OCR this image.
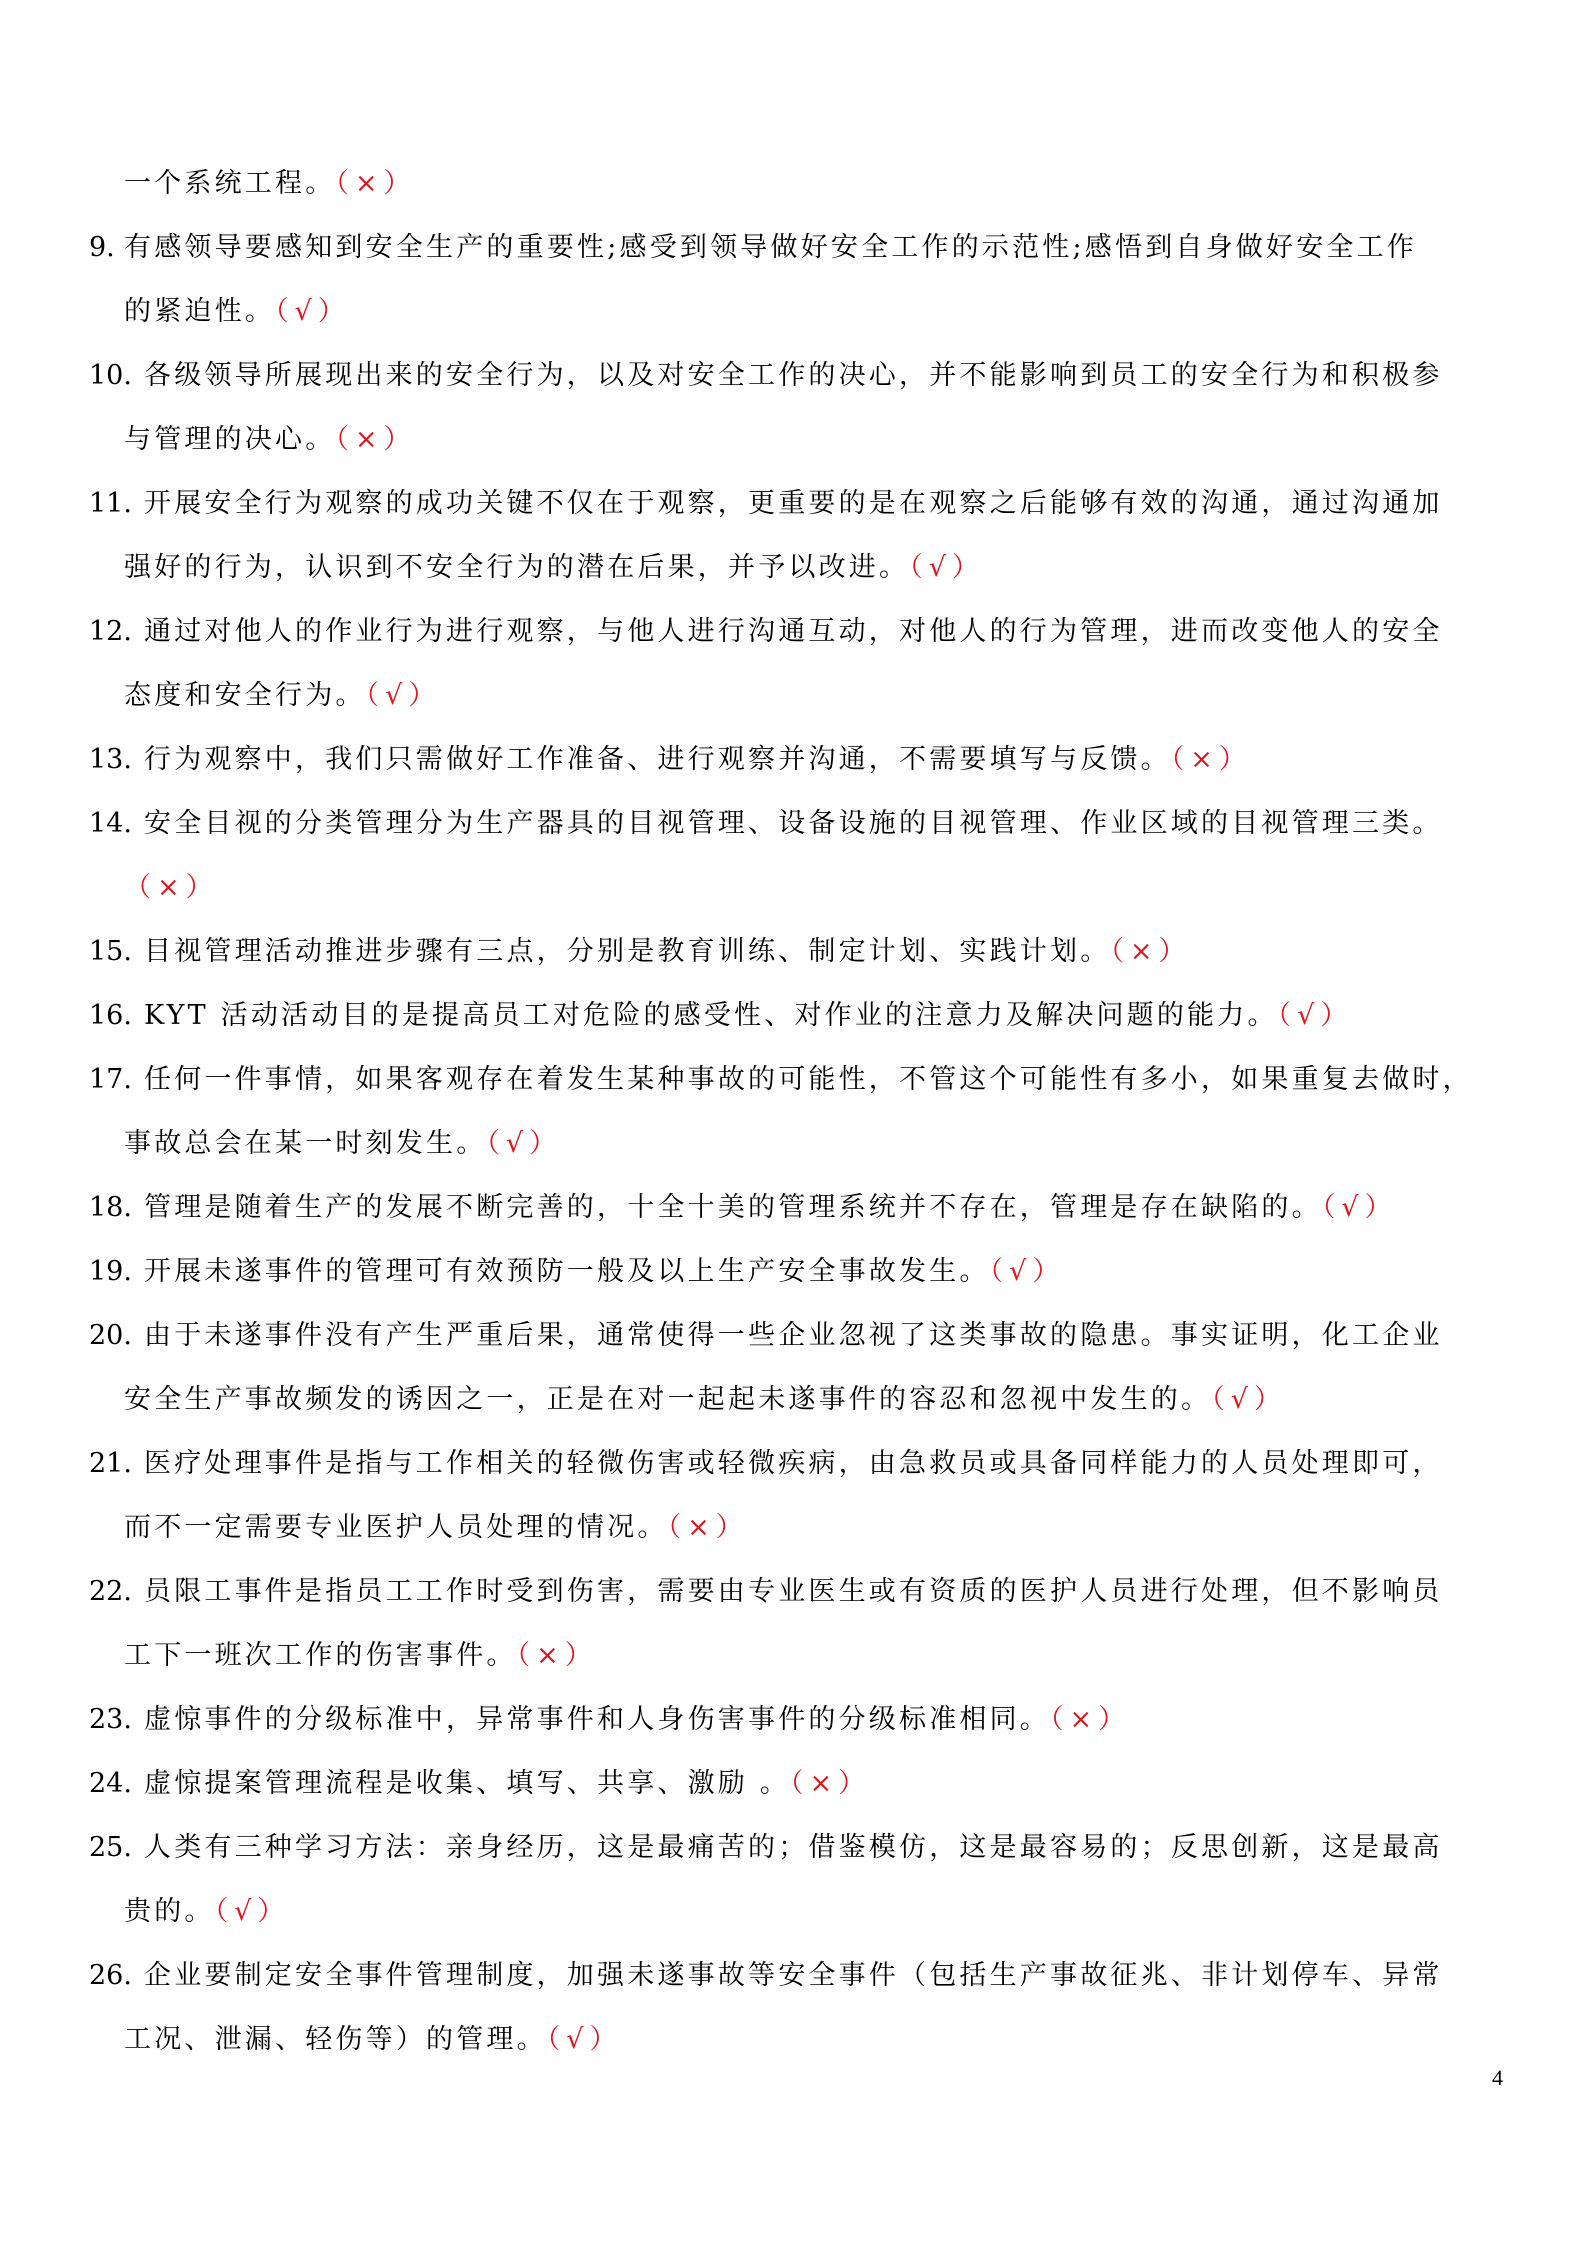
一个系统工程。（×）
9. 有感领导要感知到安全生产的重要性;感受到领导做好安全工作的示范性;感悟到自身做好安全工作
的紧迫性。（√）
10. 各级领导所展现出来的安全行为，以及对安全工作的决心，并不能影响到员工的安全行为和积极参
与管理的决心。（×）
11. 开展安全行为观察的成功关键不仅在于观察，更重要的是在观察之后能够有效的沟通，通过沟通加
强好的行为，认识到不安全行为的潜在后果，并予以改进。（√）
12. 通过对他人的作业行为进行观察，与他人进行沟通互动，对他人的行为管理，进而改变他人的安全
态度和安全行为。（√）
13. 行为观察中，我们只需做好工作准备、进行观察并沟通，不需要填写与反馈。（×）
14. 安全目视的分类管理分为生产器具的目视管理、设备设施的目视管理、作业区域的目视管理三类。
（×）
15. 目视管理活动推进步骤有三点，分别是教育训练、制定计划、实践计划。（×）
16. KYT 活动活动目的是提高员工对危险的感受性、对作业的注意力及解决问题的能力。（√）
17. 任何一件事情，如果客观存在着发生某种事故的可能性，不管这个可能性有多小，如果重复去做时，
事故总会在某一时刻发生。（√）
18. 管理是随着生产的发展不断完善的，十全十美的管理系统并不存在，管理是存在缺陷的。（√）
19. 开展未遂事件的管理可有效预防一般及以上生产安全事故发生。（√）
20. 由于未遂事件没有产生严重后果，通常使得一些企业忽视了这类事故的隐患。事实证明，化工企业
安全生产事故频发的诱因之一，正是在对一起起未遂事件的容忍和忽视中发生的。（√）
21. 医疗处理事件是指与工作相关的轻微伤害或轻微疾病，由急救员或具备同样能力的人员处理即可，
而不一定需要专业医护人员处理的情况。（×）
22. 员限工事件是指员工工作时受到伤害，需要由专业医生或有资质的医护人员进行处理，但不影响员
工下一班次工作的伤害事件。（×）
23. 虚惊事件的分级标准中，异常事件和人身伤害事件的分级标准相同。（×）
24. 虚惊提案管理流程是收集、填写、共享、激励 。（×）
25. 人类有三种学习方法：亲身经历，这是最痛苦的；借鉴模仿，这是最容易的；反思创新，这是最高
贵的。（√）
26. 企业要制定安全事件管理制度，加强未遂事故等安全事件（包括生产事故征兆、非计划停车、异常
工况、泄漏、轻伤等）的管理。（√）
4
